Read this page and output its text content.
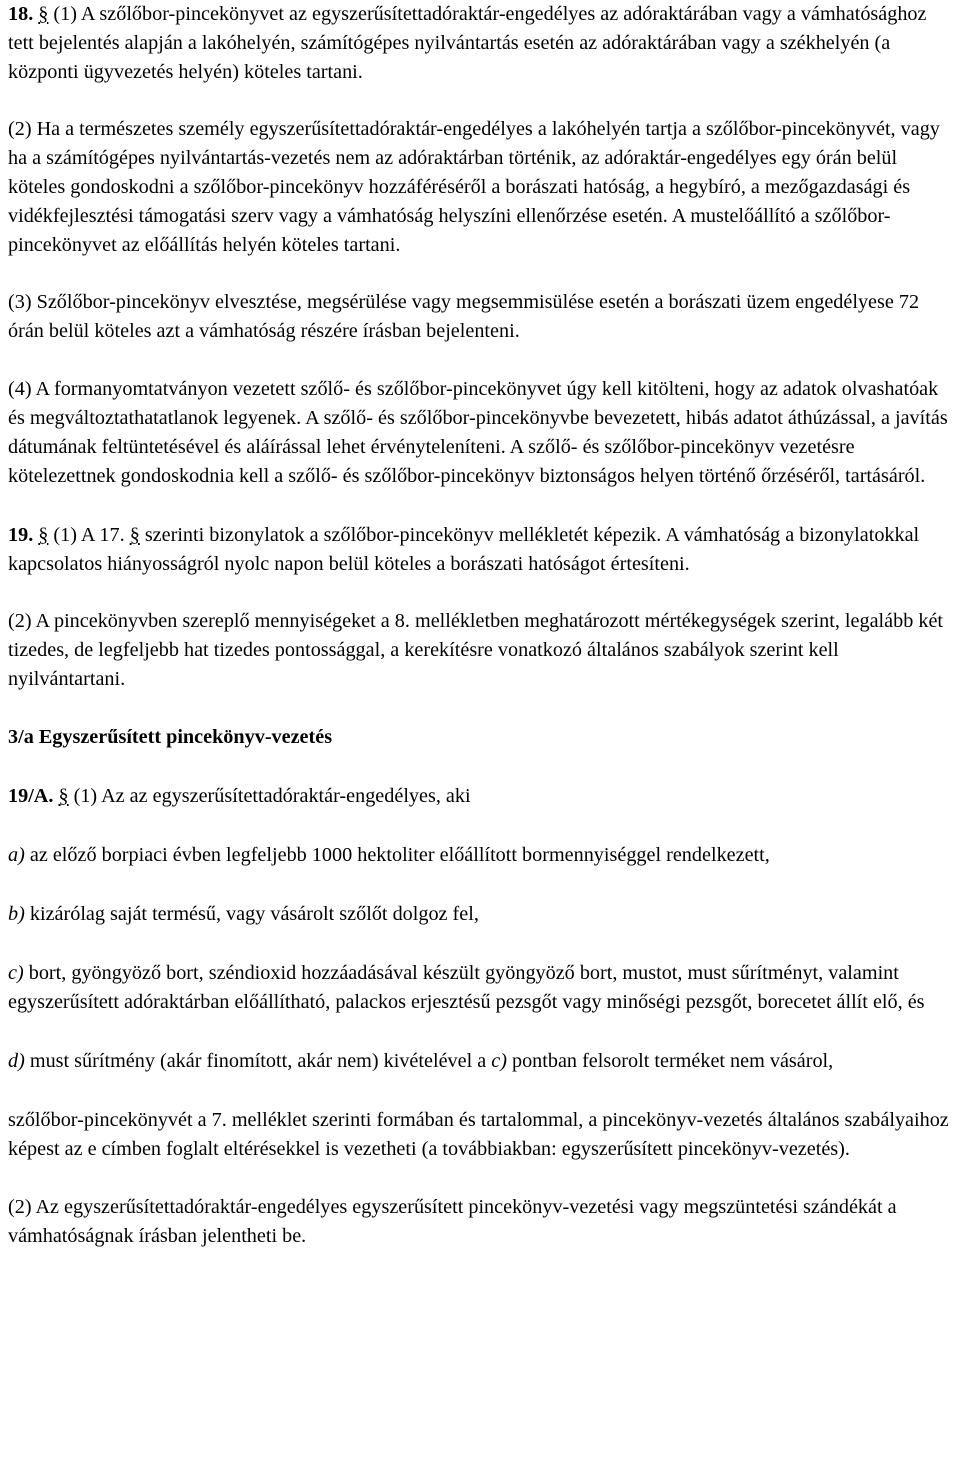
18. § (1) A szőlőbor-pincekönyvet az egyszerűsítettadóraktár-engedélyes az adóraktárában vagy a vámhatósághoz tett bejelentés alapján a lakóhelyén, számítógépes nyilvántartás esetén az adóraktárában vagy a székhelyén (a központi ügyvezetés helyén) köteles tartani.

(2) Ha a természetes személy egyszerűsítettadóraktár-engedélyes a lakóhelyén tartja a szőlőbor-pincekönyvét, vagy ha a számítógépes nyilvántartás-vezetés nem az adóraktárban történik, az adóraktár-engedélyes egy órán belül köteles gondoskodni a szőlőbor-pincekönyv hozzáféréséről a borászati hatóság, a hegybíró, a mezőgazdasági és vidékfejlesztési támogatási szerv vagy a vámhatóság helyszíni ellenőrzése esetén. A mustelőállító a szőlőbor-pincekönyvet az előállítás helyén köteles tartani.

(3) Szőlőbor-pincekönyv elvesztése, megsérülése vagy megsemmisülése esetén a borászati üzem engedélyese 72 órán belül köteles azt a vámhatóság részére írásban bejelenteni.

(4) A formanyomtatványon vezetett szőlő- és szőlőbor-pincekönyvet úgy kell kitölteni, hogy az adatok olvashatóak és megváltoztathatatlanok legyenek. A szőlő- és szőlőbor-pincekönyvbe bevezetett, hibás adatot áthúzással, a javítás dátumának feltüntetésével és aláírással lehet érvényteleníteni. A szőlő- és szőlőbor-pincekönyv vezetésre kötelezettnek gondoskodnia kell a szőlő- és szőlőbor-pincekönyv biztonságos helyen történő őrzéséről, tartásáról.

19. § (1) A 17. § szerinti bizonylatok a szőlőbor-pincekönyv mellékletét képezik. A vámhatóság a bizonylatokkal kapcsolatos hiányosságról nyolc napon belül köteles a borászati hatóságot értesíteni.

(2) A pincekönyvben szereplő mennyiségeket a 8. mellékletben meghatározott mértékegységek szerint, legalább két tizedes, de legfeljebb hat tizedes pontossággal, a kerekítésre vonatkozó általános szabályok szerint kell nyilvántartani.

3/a Egyszerűsített pincekönyv-vezetés

19/A. § (1) Az az egyszerűsítettadóraktár-engedélyes, aki

a) az előző borpiaci évben legfeljebb 1000 hektoliter előállított bormennyiséggel rendelkezett,

b) kizárólag saját termésű, vagy vásárolt szőlőt dolgoz fel,

c) bort, gyöngyöző bort, széndioxid hozzáadásával készült gyöngyöző bort, mustot, must sűrítményt, valamint egyszerűsített adóraktárban előállítható, palackos erjesztésű pezsgőt vagy minőségi pezsgőt, borecetet állít elő, és

d) must sűrítmény (akár finomított, akár nem) kivételével a c) pontban felsorolt terméket nem vásárol,

szőlőbor-pincekönyvét a 7. melléklet szerinti formában és tartalommal, a pincekönyv-vezetés általános szabályaihoz képest az e címben foglalt eltérésekkel is vezetheti (a továbbiakban: egyszerűsített pincekönyv-vezetés).

(2) Az egyszerűsítettadóraktár-engedélyes egyszerűsített pincekönyv-vezetési vagy megszüntetési szándékát a vámhatóságnak írásban jelentheti be.
